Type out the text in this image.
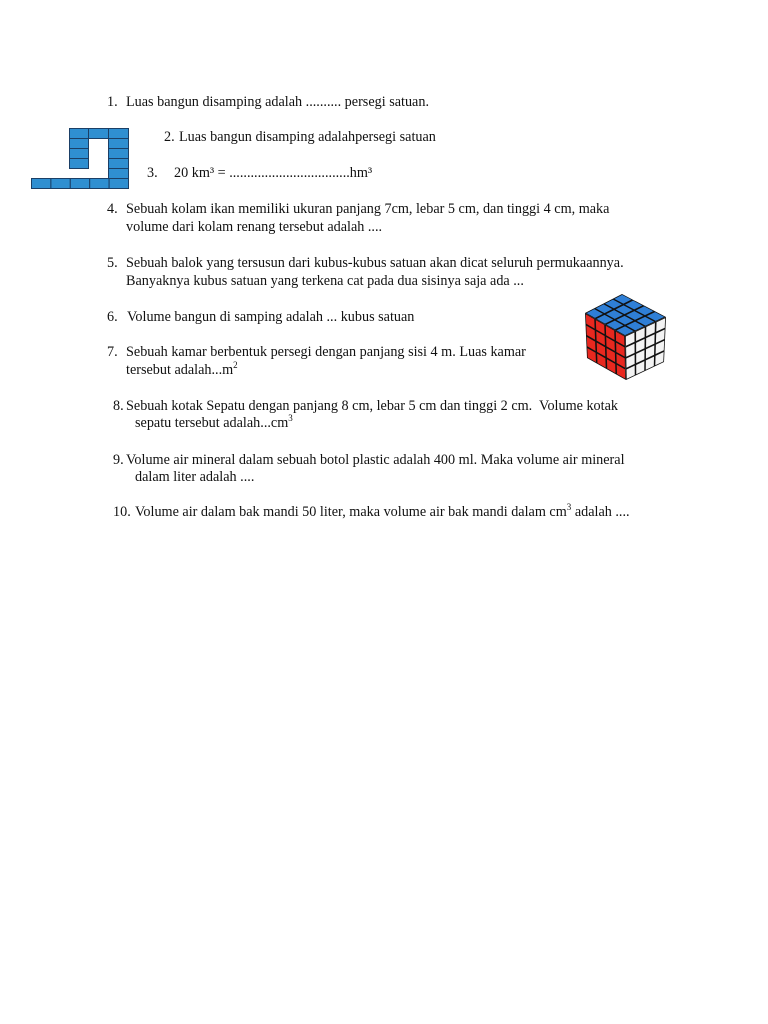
1. Luas bangun disamping adalah .......... persegi satuan.
2. Luas bangun disamping adalahpersegi satuan
3. 20 km³ = ..................................hm³
4. Sebuah kolam ikan memiliki ukuran panjang 7cm, lebar 5 cm, dan tinggi 4 cm, maka
volume dari kolam renang tersebut adalah ....
5. Sebuah balok yang tersusun dari kubus-kubus satuan akan dicat seluruh permukaannya.
Banyaknya kubus satuan yang terkena cat pada dua sisinya saja ada ...
6. Volume bangun di samping adalah ... kubus satuan
7. Sebuah kamar berbentuk persegi dengan panjang sisi 4 m. Luas kamar
tersebut $adalah...m^2$
8. Sebuah kotak Sepatu dengan panjang 8 cm, lebar 5 cm dan tinggi 2 cm.  Volume kotak
sepatu tersebut $adalah...cm^3$
9. Volume air mineral dalam sebuah botol plastic adalah 400 ml. Maka volume air mineral
dalam liter adalah ....
10. Volume air dalam bak mandi 50 liter, maka volume air bak mandi dalam $cm^3$ adalah ....
